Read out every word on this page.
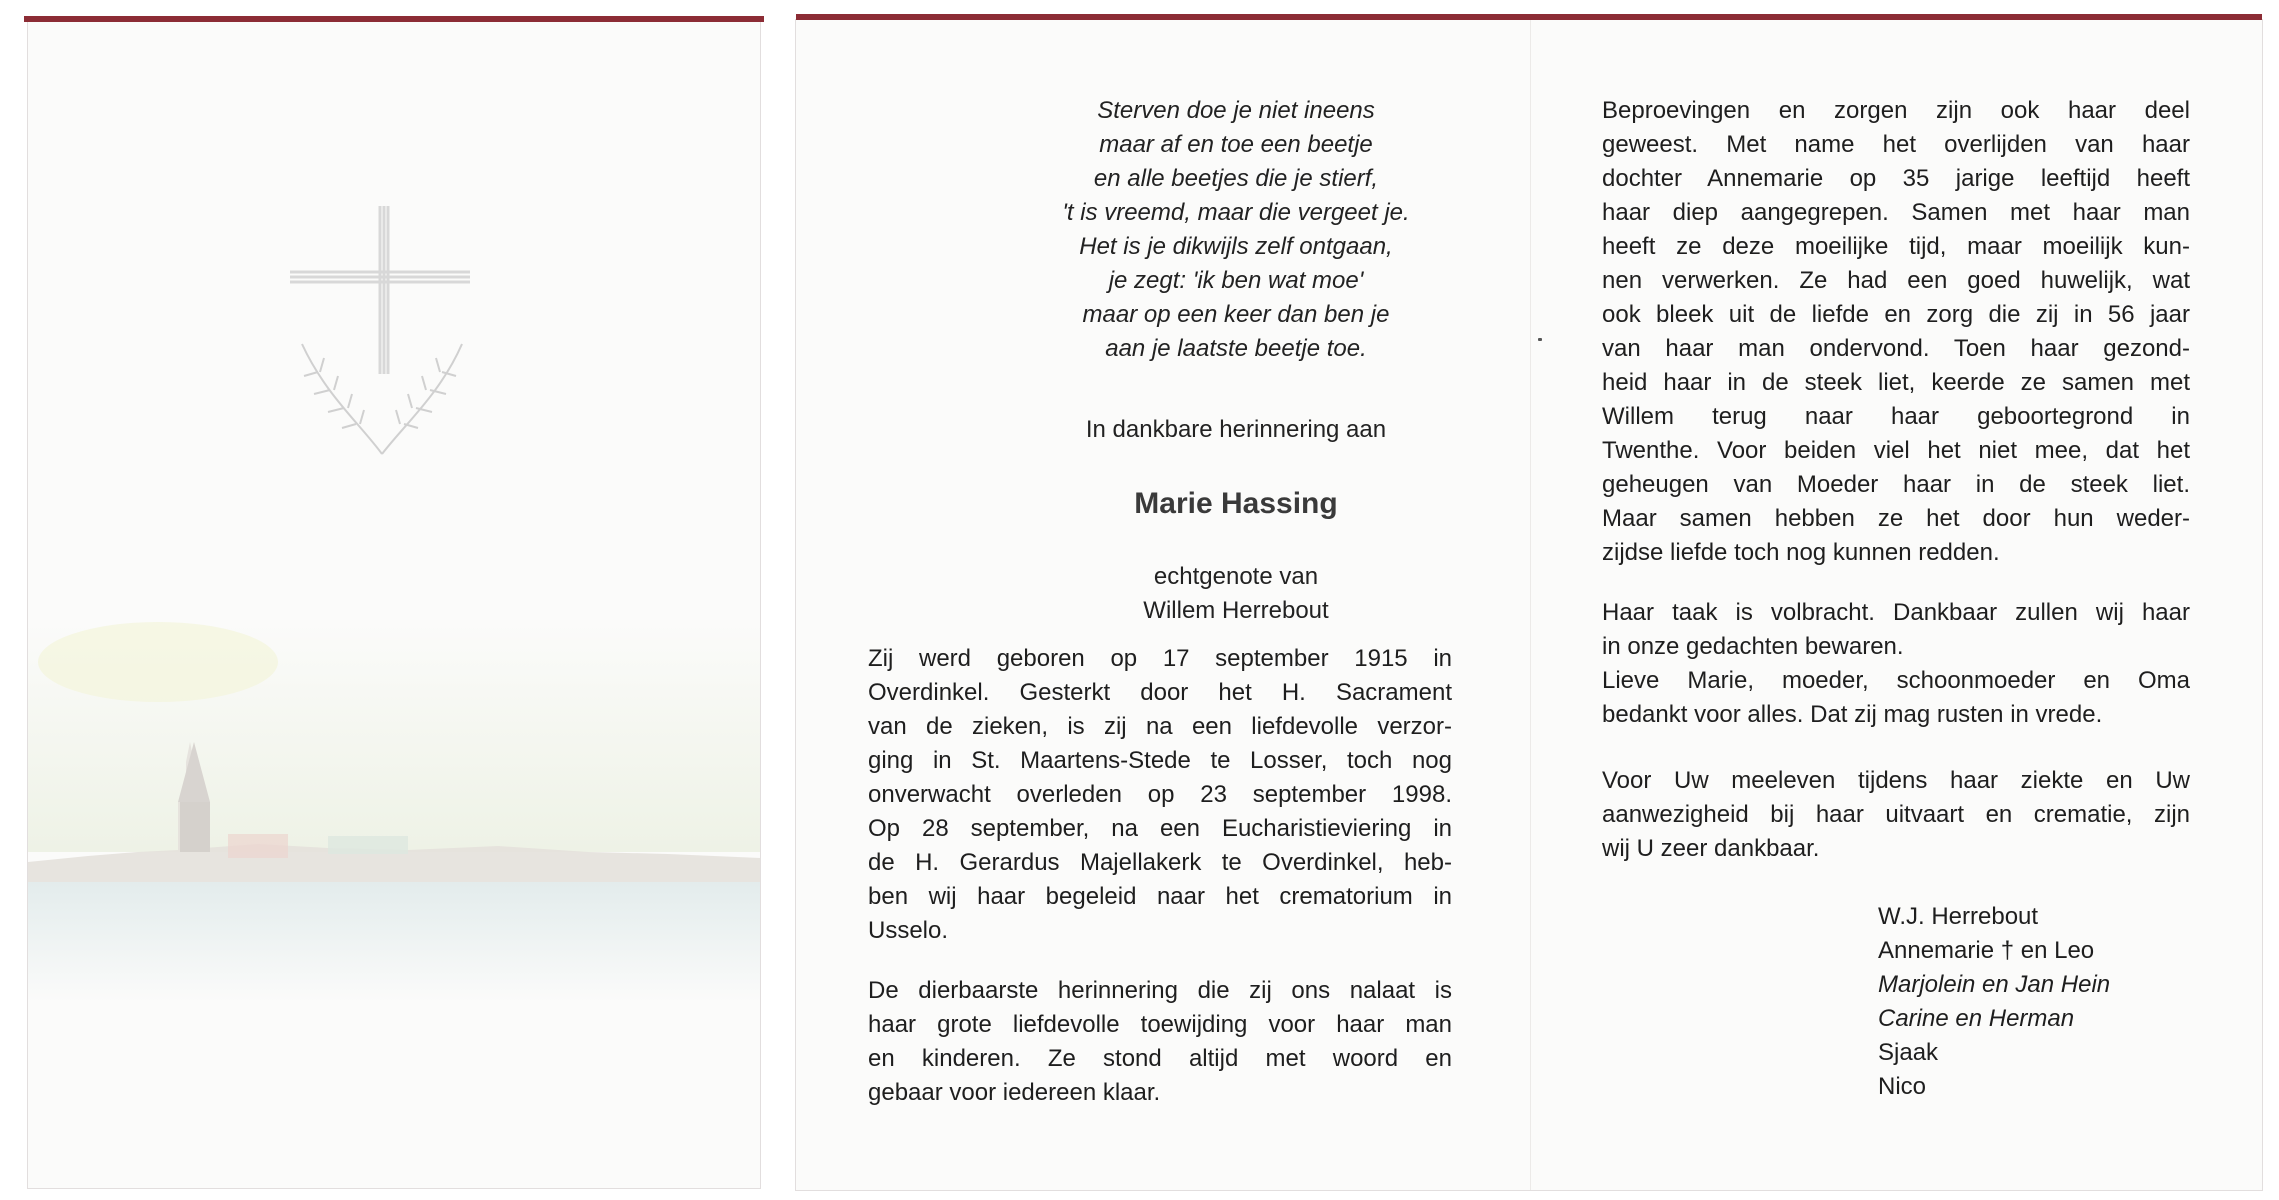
Sterven doe je niet ineens
maar af en toe een beetje
en alle beetjes die je stierf,
't is vreemd, maar die vergeet je.
Het is je dikwijls zelf ontgaan,
je zegt: 'ik ben wat moe'
maar op een keer dan ben je
aan je laatste beetje toe.
In dankbare herinnering aan
Marie Hassing
echtgenote van
Willem Herrebout
Zij werd geboren op 17 september 1915 in
Overdinkel. Gesterkt door het H. Sacrament
van de zieken, is zij na een liefdevolle verzor-
ging in St. Maartens-Stede te Losser, toch nog
onverwacht overleden op 23 september 1998.
Op 28 september, na een Eucharistieviering in
de H. Gerardus Majellakerk te Overdinkel, heb-
ben wij haar begeleid naar het crematorium in
Usselo.
De dierbaarste herinnering die zij ons nalaat is
haar grote liefdevolle toewijding voor haar man
en kinderen. Ze stond altijd met woord en
gebaar voor iedereen klaar.
Beproevingen en zorgen zijn ook haar deel
geweest. Met name het overlijden van haar
dochter Annemarie op 35 jarige leeftijd heeft
haar diep aangegrepen. Samen met haar man
heeft ze deze moeilijke tijd, maar moeilijk kun-
nen verwerken. Ze had een goed huwelijk, wat
ook bleek uit de liefde en zorg die zij in 56 jaar
van haar man ondervond. Toen haar gezond-
heid haar in de steek liet, keerde ze samen met
Willem terug naar haar geboortegrond in
Twenthe. Voor beiden viel het niet mee, dat het
geheugen van Moeder haar in de steek liet.
Maar samen hebben ze het door hun weder-
zijdse liefde toch nog kunnen redden.
Haar taak is volbracht. Dankbaar zullen wij haar
in onze gedachten bewaren.
Lieve Marie, moeder, schoonmoeder en Oma
bedankt voor alles. Dat zij mag rusten in vrede.
Voor Uw meeleven tijdens haar ziekte en Uw
aanwezigheid bij haar uitvaart en crematie, zijn
wij U zeer dankbaar.
W.J. Herrebout
Annemarie † en Leo
Marjolein en Jan Hein
Carine en Herman
Sjaak
Nico
